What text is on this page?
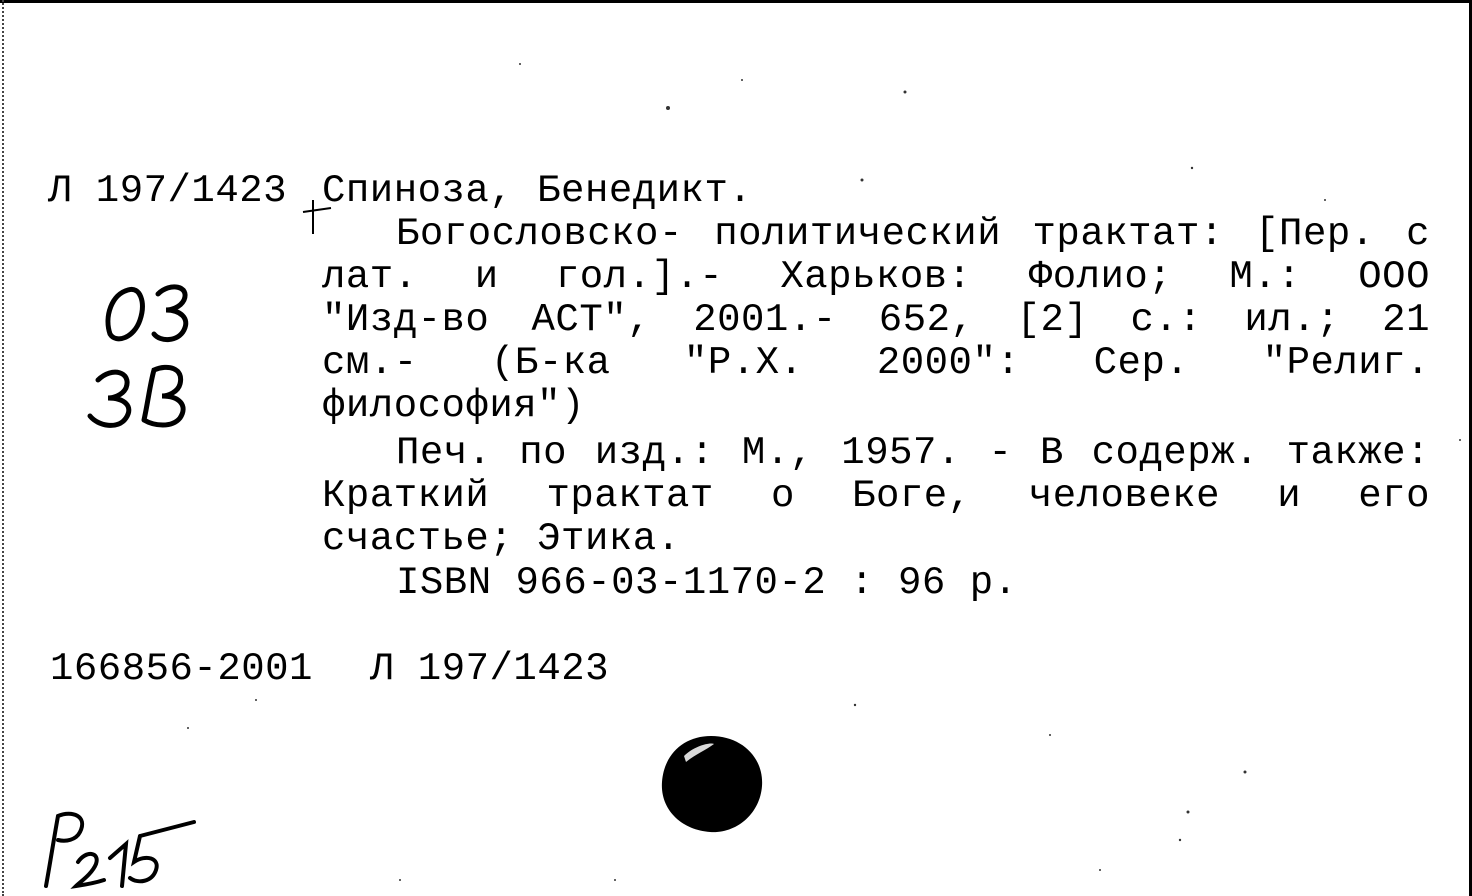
Л 197/1423 Спиноза, Бенедикт.
Богословско- политический трактат: [Пер. с
лат. и гол.].- Харьков: Фолио; М.: ООО
"Изд-во АСТ", 2001.- 652, [2] с.: ил.; 21
см.- (Б-ка "Р.Х. 2000": Сер. "Религ.
философия")
Печ. по изд.: М., 1957. - В содерж. также:
Краткий трактат о Боге, человеке и его
счастье; Этика.
ISBN 966-03-1170-2 : 96 р.
166856-2001 Л 197/1423
